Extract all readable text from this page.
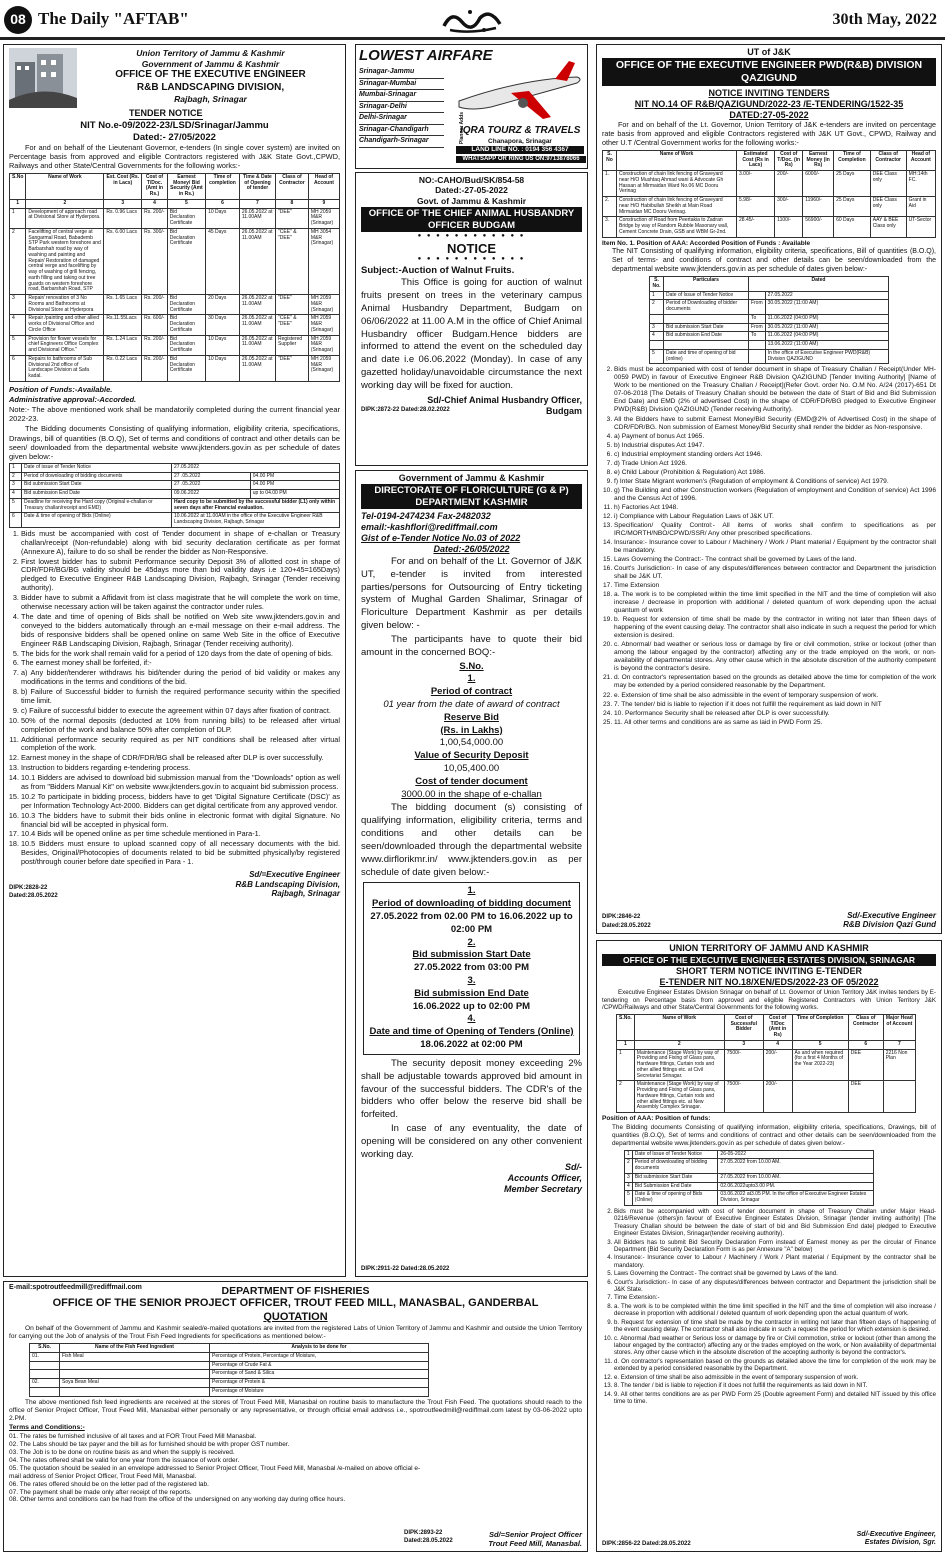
08 The Daily "AFTAB"	30th May, 2022
Union Territory of Jammu & Kashmir
Government of Jammu & Kashmir
OFFICE OF THE EXECUTIVE ENGINEER
R&B LANDSCAPING DIVISION,
Rajbagh, Srinagar
TENDER NOTICE
NIT No.e-09/2022-23/LSD/Srinagar/Jammu
Dated:- 27/05/2022

For and on behalf of the Lieutenant Governor, e-tenders (In single cover system) are invited on Percentage basis from approved and eligible Contractors registered with J&K State Govt.,CPWD, Railways and other State/Central Governments for the following works:-

S.No	Name of Work	Est. Cost (Rs. in Lacs)	Cost of T/Doc. (Amt in Rs.)	Earnest Money/ Bid Security (Amt in Rs.)	Time of completion	Time & Date of Opening of tender	Class of Contractor	Head of Account
1	2	3	4	5	6	7	8	9
1	Development of approach road at Divisional Store at Hyderpora.	Rs. 0.96 Lacs	Rs. 200/-	Bid Declaration Certificate	10 Days	26.05.2022 at 11.00AM	"DEE"	MH 2059 M&R (Srinagar)
2	Facelifting of central verge at Sangarmal Road, Babademb STP Park western foreshore and Barbarshah road by way of washing and painting and Repair/ Restoration of damaged central verge and facelifting by way of washing of grill fencing, earth filling and taking out tree guards on western foreshore road, Barbarshah Road, STP	Rs. 6.00 Lacs	Rs. 300/-	Bid Declaration Certificate	45 Days	26.05.2022 at 11.00AM	"CEE" & "DEE"	MH 3054 M&R (Srinagar)
3	Repair/ renovation of 3 No Rooms and Bathrooms at Divisional Store at Hyderpora	Rs. 1.65 Lacs	Rs. 200/-	Bid Declaration Certificate	20 Days	26.05.2022 at 11.00AM	"DEE"	MH 2059 M&R (Srinagar)
4	Repair /painting and other allied works of Divisional Office and Circle Office	Rs.11.55Lacs	Rs. 600/-	Bid Declaration Certificate	30 Days	26.05.2022 at 11.00AM	"CEE" & "DEE"	MH 2059 M&R (Srinagar)
5	Provision for flower vessels for chief Engineers Office Complex and Divisional Office."	Rs. 1.24 Lacs	Rs. 200/-	Bid Declaration Certificate	10 Days	26.05.2022 at 11.00AM	Registered Supplier	MH 2059 M&R (Srinagar)
6	Repairs to bathrooms of Sub Divisional 2nd office of Landscape Division at Safa kadal.	Rs. 0.22 Lacs	Rs. 200/-	Bid Declaration Certificate	10 Days	26.05.2022 at 11.00AM	"DEE"	MH 2059 M&R (Srinagar)

Position of Funds:-Available.

Administrative approval:-Accorded.

Note:- The above mentioned work shall be mandatorily completed during the current financial year 2022-23.

The Bidding documents Consisting of qualifying information, eligibility criteria, specifications, Drawings, bill of quantities (B.O.Q), Set of terms and conditions of contract and other details can be seen/ downloaded from the departmental website www.jktenders.gov.in as per schedule of dates given below:-

1	Date of issue of Tender Notice	27.05.2022	
2	Period of downloading of bidding documents	27 .05.2022	04.00 PM
3	Bid submission Start Date	27 .05.2022	04.00 PM
4	Bid submission End Date	09.06.2022	up to 04.00 PM
5	Deadline for receiving the Hard copy (Original e-challan or Treasury challan/receipt and EMD)	Hard copy to be submitted by the successful bidder (L1) only within seven days after Financial evaluation.	
6	Date & time of opening of Bids (Online)	10.06.2022 at 11.00AM in the office of the Executive Engineer R&B Landscaping Division, Rajbagh, Srinagar	
1. Bids must be accompanied with cost of Tender document in shape of e-challan or Treasury challan/receipt (Non-refundable) along with bid security declaration certificate as per format (Annexure A), failure to do so shall be render the bidder as Non-Responsive.
2. First lowest bidder has to submit Performance security Deposit 3% of allotted cost in shape of CDR/FDR/BG/BG validity should be 45days more than bid validity days i.e 120+45=165Days) pledged to Executive Engineer R&B Landscaping Division, Rajbagh, Srinagar (Tender receiving authority).
3. Bidder have to submit a Affidavit from ist class magistrate that he will complete the work on time, otherwise necessary action will be taken against the contractor under rules.
4. The date and time of opening of Bids shall be notified on Web site www.jktenders.gov.in and conveyed to the bidders automatically through an e-mail message on their e-mail address. The bids of responsive bidders shall be opened online on same Web Site in the office of Executive Engineer R&B Landscaping Division, Rajbagh, Srinagar (Tender receiving authority).
5. The bids for the work shall remain valid for a period of 120 days from the date of opening of bids.
6. The earnest money shall be forfeited, if:-
7. a) Any bidder/tenderer withdraws his bid/tender during the period of bid validity or makes any modifications in the terms and conditions of the bid.
8. b) Failure of Successful bidder to furnish the required performance security within the specified time limit.
9. c) Failure of successful bidder to execute the agreement within 07 days after fixation of contract.
10. 50% of the normal deposits (deducted at 10% from running bills) to be released after virtual completion of the work and balance 50% after completion of DLP.
11. Additional performance security required as per NIT conditions shall be released after virtual completion of the work.
12. Earnest money in the shape of CDR/FDR/BG shall be released after DLP is over successfully.
13. Instruction to bidders regarding e-tendering process.
14. 10.1 Bidders are advised to download bid submission manual from the "Downloads" option as well as from "Bidders Manual Kit" on website www.jktenders.gov.in to acquaint bid submission process.
15. 10.2 To participate in bidding process, bidders have to get 'Digital Signature Certificate (DSC)' as per Information Technology Act-2000. Bidders can get digital certificate from any approved vendor.
16. 10.3 The bidders have to submit their bids online in electronic format with digital Signature. No financial bid will be accepted in physical form.
17. 10.4 Bids will be opened online as per time schedule mentioned in Para-1.
18. 10.5 Bidders must ensure to upload scanned copy of all necessary documents with the bid. Besides, Original/Photocopies of documents related to bid be submitted physically/by registered post/through courier before date specified in Para - 1.
Sd/=Executive Engineer
R&B Landscaping Division,
Rajbagh, Srinagar
DIPK:2828-22
Dated:28.05.2022
LOWEST AIRFARE
Srinagar-Jammu
Srinagar-Mumbai
Mumbai-Srinagar
Srinagar-Delhi
Delhi-Srinagar
Srinagar-Chandigarh
Chandigarh-Srinagar	Planner Adds
IQRA TOURZ & TRAVELS
Chanapora, Srinagar
LAND LINE NO. : 0194 356 4367
WHATSAPP OR RING US ON:9713878066
NO:-CAHO/Bud/SK/854-58
Dated:-27-05-2022
Govt. of Jammu & Kashmir
OFFICE OF THE CHIEF ANIMAL HUSBANDRY OFFICER BUDGAM
● ● ● ● ● ● ● ● ● ● ● ●
NOTICE
● ● ● ● ● ● ● ● ● ● ● ●

Subject:-Auction of Walnut Fruits.

This Office is going for auction of walnut fruits present on trees in the veterinary campus Animal Husbandry Department, Budgam on 06/06/2022 at 11.00 A.M in the office of Chief Animal Husbandry officer Budgam.Hence bidders are informed to attend the event on the scheduled day and date i.e 06.06.2022 (Monday). In case of any gazetted holiday/unavoidable circumstance the next working day will be fixed for auction.

Sd/-Chief Animal Husbandry Officer,
Budgam
DIPK:2872-22 Dated:28.02.2022
Government of Jammu & Kashmir
DIRECTORATE OF FLORICULTURE (G & P) DEPARTMENT KASHMIR
Tel-0194-2474234 Fax-2482032
email:-kashflori@rediffmail.com
Gist of e-Tender Notice No.03 of 2022
Dated:-26/05/2022

For and on behalf of the Lt. Governor of J&K UT, e-tender is invited from interested parties/persons for Outsourcing of Entry ticketing system of Mughal Garden Shalimar, Srinagar of Floriculture Department Kashmir as per details given below: -

The participants have to quote their bid amount in the concerned BOQ:-

S.No.
1.
Period of contract
01 year from the date of award of contract
Reserve Bid
(Rs. in Lakhs)
1,00,54,000.00
Value of Security Deposit
10,05,400.00
Cost of tender document
3000.00 in the shape of e-challan

The bidding document (s) consisting of qualifying information, eligibility criteria, terms and conditions and other details can be seen/downloaded through the departmental website www.dirflorikmr.in/ www.jktenders.gov.in as per schedule of date given below:-

1.
Period of downloading of bidding document
27.05.2022 from 02.00 PM to 16.06.2022 up to 02:00 PM
2.
Bid submission Start Date
27.05.2022 from 03:00 PM
3.
Bid submission End Date
16.06.2022 up to 02:00 PM
4.
Date and time of Opening of Tenders (Online)
18.06.2022 at 02:00 PM

The security deposit money exceeding 2% shall be adjustable towards approved bid amount in favour of the successful bidders. The CDR's of the bidders who offer below the reserve bid shall be forfeited.

In case of any eventuality, the date of opening will be considered on any other convenient working day.

Sd/-
Accounts Officer,
Member Secretary
DIPK:2911-22 Dated:28.05.2022
UT of J&K
OFFICE OF THE EXECUTIVE ENGINEER PWD(R&B) DIVISION QAZIGUND
NOTICE INVITING TENDERS
NIT NO.14 OF R&B/QAZIGUND/2022-23 /E-TENDERING/1522-35
DATED:27-05-2022

For and on behalf of the Lt. Governor, Union Territory of J&K e-tenders are invited on percentage rate basis from approved and eligible Contractors registered with J&K UT Govt., CPWD, Railway and other U.T /Central Government works for the following works:-

S. No	Name of Work	Estimated Cost (Rs in Lacs)	Cost of T/Doc. (in Rs)	Earnest Money (in Rs)	Time of Completion	Class of Contractor	Head of Account
1.	Construction of chain link fencing of Graveyard near H/O Mushtaq Ahmad wani & Advocate Gh Hassan at Mirmaidan Ward No.06 MC Dooru Verinag	3.00/-	200/-	6000/-	25 Days	DEE Class only	MH:14th FC.
2.	Construction of chain link fencing of Graveyard near H/O Habibullah Sheikh at Main Road Mirmaidan MC Dooru Verinag.	5.98/-	300/-	11960/-	25 Days	DEE Class only	Grant in Aid
3.	Construction of Road from Peertakia to Zadran Bridge by way of Random Rubble Masonary wall, Cement Concrete Drain, GSB and WBM Gr-2nd.	28.45/-	1100/-	56900/-	60 Days	AAY & BEE Class only	UT-Sector

Item No. 1. Position of AAA: Accorded Position of Funds : Available

The NIT Consisting of qualifying information, eligibility criteria, specifications, Bill of quantities (B.O.Q), Set of terms- and conditions of contract and other details can be seen/downloaded from the departmental website www.jktenders.gov.in as per schedule of dates given below:-

S. No.	Particulars	Dated	
1	Date of Issue of Tender Notice		27.05.2022
2	Period of Downloading of bidder documents	From	30.05.2022 (11:00 AM)
		To	11.06.2022 (04:00 PM)
3	Bid submission Start Date	From	30.05.2022 (11:00 AM)
4	Bid submission End Date	To	11.06.2022 (04:00 PM)
			13.06.2022 (11:00 AM)
5	Date and time of opening of bid (online)		In the office of Executive Engineer PWD(R&B) Division QAZIGUND
2. Bids must be accompanied with cost of tender document in shape of Treasury Challan / Receipt(Under MH- 0059 PWD) in favour of Executive Engineer R&B Division QAZIGUND [Tender Inviting Authority] [Name of Work to be mentioned on the Treasury Challan / Receipt](Refer Govt. order No. O.M No. A/24 (2017)-651 Dt 07-06-2018 [The Details of Treasury Challan should be between the date of Start of Bid and Bid Submission End Date) and EMD (2% of advertised Cost) in the shape of CDR/FDR/BG pledged to Executive Engineer PWD(R&B) Division QAZIGUND (Tender receiving Authority).
3. All the Bidders have to submit Earnest Money/Bid Security (EMD@2% of Advertised Cost) in the shape of CDR/FDR/BG. Non submission of Earnest Money/Bid Security shall render the bidder as Non-responsive.
4. a) Payment of bonus Act 1965.
5. b) Industrial disputes Act 1947.
6. c) Industrial employment standing orders Act 1946.
7. d) Trade Union Act 1926.
8. e) Child Labour (Prohibition & Regulation) Act 1986.
9. f) Inter State Migrant workmen's (Regulation of employment & Conditions of service) Act 1979.
10. g) The Building and other Construction workers (Regulation of employment and Condition of service) Act 1996 and the Census Act of 1996.
11. h) Factories Act 1948.
12. i) Compliance with Labour Regulation Laws of J&K UT.
13. Specification/ Quality Control:- All items of works shall confirm to specifications as per IRC/MORTH/NBO/CPWD/SSR/ Any other prescribed specifications.
14. Insurance:- Insurance cover to Labour / Machinery / Work / Plant material / Equipment by the contractor shall be mandatory.
15. Laws Governing the Contract:- The contract shall be governed by Laws of the land.
16. Court's Jurisdiction:- In case of any disputes/differences between contractor and Department the jurisdiction shall be J&K UT.
17. Time Extension
18. a. The work is to be completed within the time limit specified in the NIT and the time of completion will also increase / decrease in proportion with additional / deleted quantum of work depending upon the actual quantum of work
19. b. Request for extension of time shall be made by the contractor in writing not later than fifteen days of happening of the event causing delay. The contractor shall also indicate in such a request the period for which extension is desired.
20. c. Abnormal/ bad weather or serious loss or damage by fire or civil commotion, strike or lockout (other than among the labour engaged by the contractor) affecting any or the trade employed on the work, or non-availability of departmental stores. Any other cause which in the absolute discretion of the authority competent is beyond the contractor's desire.
21. d. On contractor's representation based on the grounds as detailed above the time for completion of the work may be extended by a period considered reasonable by the Department.
22. e. Extension of time shall be also admissible in the event of temporary suspension of work.
23. 7. The tender/ bid is liable to rejection if it does not fulfill the requirement as laid down in NIT
24. 10. Performance Security shall be released after DLP is over successfully.
25. 11. All other terms and conditions are as same as laid in PWD Form 25.
DIPK:2846-22
Dated:28.05.2022
Sd/-Executive Engineer
R&B Division Qazi Gund
UNION TERRITORY OF JAMMU AND KASHMIR
OFFICE OF THE EXECUTIVE ENGINEER ESTATES DIVISION, SRINAGAR
SHORT TERM NOTICE INVITING E-TENDER
E-TENDER NIT NO.18/XEN/EDS/2022-23 OF 05/2022

Executive Engineer Estates Division Srinagar on behalf of Lt. Governor of Union Territory J&K invites tenders by E-tendering on Percentage basis from approved and eligible Registered Contractors with Union Territory J&K /CPWD/Railways and other State/Central Governments for the following works.

S.No.	Name of Work	Cost of Successful Bidder	Cost of T/Doc (Amt in Rs)	Time of Completion	Class of Contractor	Major Head of Account
1	2	3	4	5	6	7
1	Maintenance (Stage Work) by way of Providing and Fixing of Glass pans, Hardware fittings, Curtain rods and other allied fittings etc. at Civil Secretariat Srinagar.	7500/-	200/-	As and when required (for a first 4 Months of the Year 2022-23)	DEE	2216 Non Plan
2	Maintenance (Stage Work) by way of Providing and Fixing of Glass pans, Hardware fittings, Curtain rods and other allied fittings etc. at New Assembly Complex Srinagar.	7500/-	200/-		DEE	

Position of AAA: Position of funds:

The Bidding documents Consisting of qualifying information, eligibility criteria, specifications, Drawings, bill of quantities (B.O.Q), Set of terms and conditions of contract and other details can be seen/downloaded from the departmental website www.jktenders.gov.in as per schedule of dates given below:-

1	Date of Issue of Tender Notice	26-05-2022
2	Period of downloading of bidding documents	27.05.2022 from 10.00 AM.
3	Bid submission Start Date	27.05.2022 from 10.00 AM.
4	Bid Submission End Date	02.06.2022upto3.00 PM.
5	Date & time of opening of Bids (Online)	03.06.2022 at3.05 PM. In the office of Executive Engineer Estates Division, Srinagar
2. Bids must be accompanied with cost of tender document in shape of Treasury Challan under Major Head-0216/Revenue (others)in favour of Executive Engineer Estates Division, Srinagar (tender inviting authority) [The Treasury Challan should be between the date of start of bid and Bid Submission End date] pledged to Executive Engineer Estates Division, Srinagar(tender receiving authority).
3. All Bidders has to submit Bid Security Declaration Form instead of Earnest money as per the circular of Finance Department (Bid Security Declaration Form is as per Annexure "A" below)
4. Insurance:- Insurance cover to Labour / Machinery / Work / Plant material / Equipment by the contractor shall be mandatory.
5. Laws Governing the Contract:- The contract shall be governed by Laws of the land.
6. Court's Jurisdiction:- In case of any disputes/differences between contractor and Department the jurisdiction shall be J&K State.
7. Time Extension:-
8. a. The work is to be completed within the time limit specified in the NIT and the time of completion will also increase / decrease in proportion with additional / deleted quantum of work depending upon the actual quantum of work.
9. b. Request for extension of time shall be made by the contractor in writing not later than fifteen days of happening of the event causing delay. The contractor shall also indicate in such a request the period for which extension is desired.
10. c. Abnormal /bad weather or Serious loss or damage by fire or Civil commotion, strike or lockout (other than among the labour engaged by the contractor) affecting any or the trades employed on the work, or Non availability of departmental stores. Any other cause which in the absolute discretion of the accepting authority is beyond the contractor's.
11. d. On contractor's representation based on the grounds as detailed above the time for completion of the work may be extended by a period considered reasonable by the Department.
12. e. Extension of time shall be also admissible in the event of temporary suspension of work.
13. 8. The tender / bid is liable to rejection if it does not fulfill the requirements as laid down in NIT.
14. 9. All other terms conditions are as per PWD Form 25 (Double agreement Form) and detailed NIT issued by this office time to time.
DIPK:2856-22 Dated:28.05.2022
Sd/-Executive Engineer,
Estates Division, Sgr.
E-mail:spotroutfeedmill@rediffmail.com	DEPARTMENT OF FISHERIES
OFFICE OF THE SENIOR PROJECT OFFICER, TROUT FEED MILL, MANASBAL, GANDERBAL
QUOTATION

On behalf of the Government of Jammu and Kashmir sealed/e-mailed quotations are invited from the registered Labs of Union Territory of Jammu and Kashmir and outside the Union Territory for carrying out the Job of analysis of the Trout Fish Feed Ingredients for specifications as mentioned below:-

S.No.	Name of the Fish Feed Ingredient	Analysis to be done for
01.	Fish Meal	Percentage of Protein, Percentage of Moisture,
		Percentage of Crude Fat &
		Percentage of Sand & Silica
02.	Soya Bean Meal	Percentage of Protein &
		Percentage of Moisture

The above mentioned fish feed ingredients are received at the stores of Trout Feed Mill, Manasbal on routine basis to manufacture the Trout Fish Feed. The quotations should reach to the office of Senior Project Officer, Trout Feed Mill, Manasbal either personally or any representative, or through official email address i.e., spotroutfeedmill@rediffmail.com latest by 03-06-2022 upto 2.PM.

Terms and Conditions:-

01. The rates be furnished inclusive of all taxes and at FOR Trout Feed Mill Manasbal.
02. The Labs should be tax payer and the bill as for furnished should be with proper GST number.
03. The Job is to be done on routine basis as and when the supply is received.
04. The rates offered shall be valid for one year from the issuance of work order.
05. The quotation should be sealed in an envelope addressed to Senior Project Officer, Trout Feed Mill, Manasbal /e-mailed on above official e-mail address of Senior Project Officer, Trout Feed Mill, Manasbal.
06. The rates offered should be on the letter pad of the registered lab.
07. The payment shall be made only after receipt of the reports.
08. Other terms and conditions can be had from the office of the undersigned on any working day during office hours.
DIPK:2893-22 Dated:28.05.2022
Sd/=Senior Project Officer
Trout Feed Mill, Manasbal.
